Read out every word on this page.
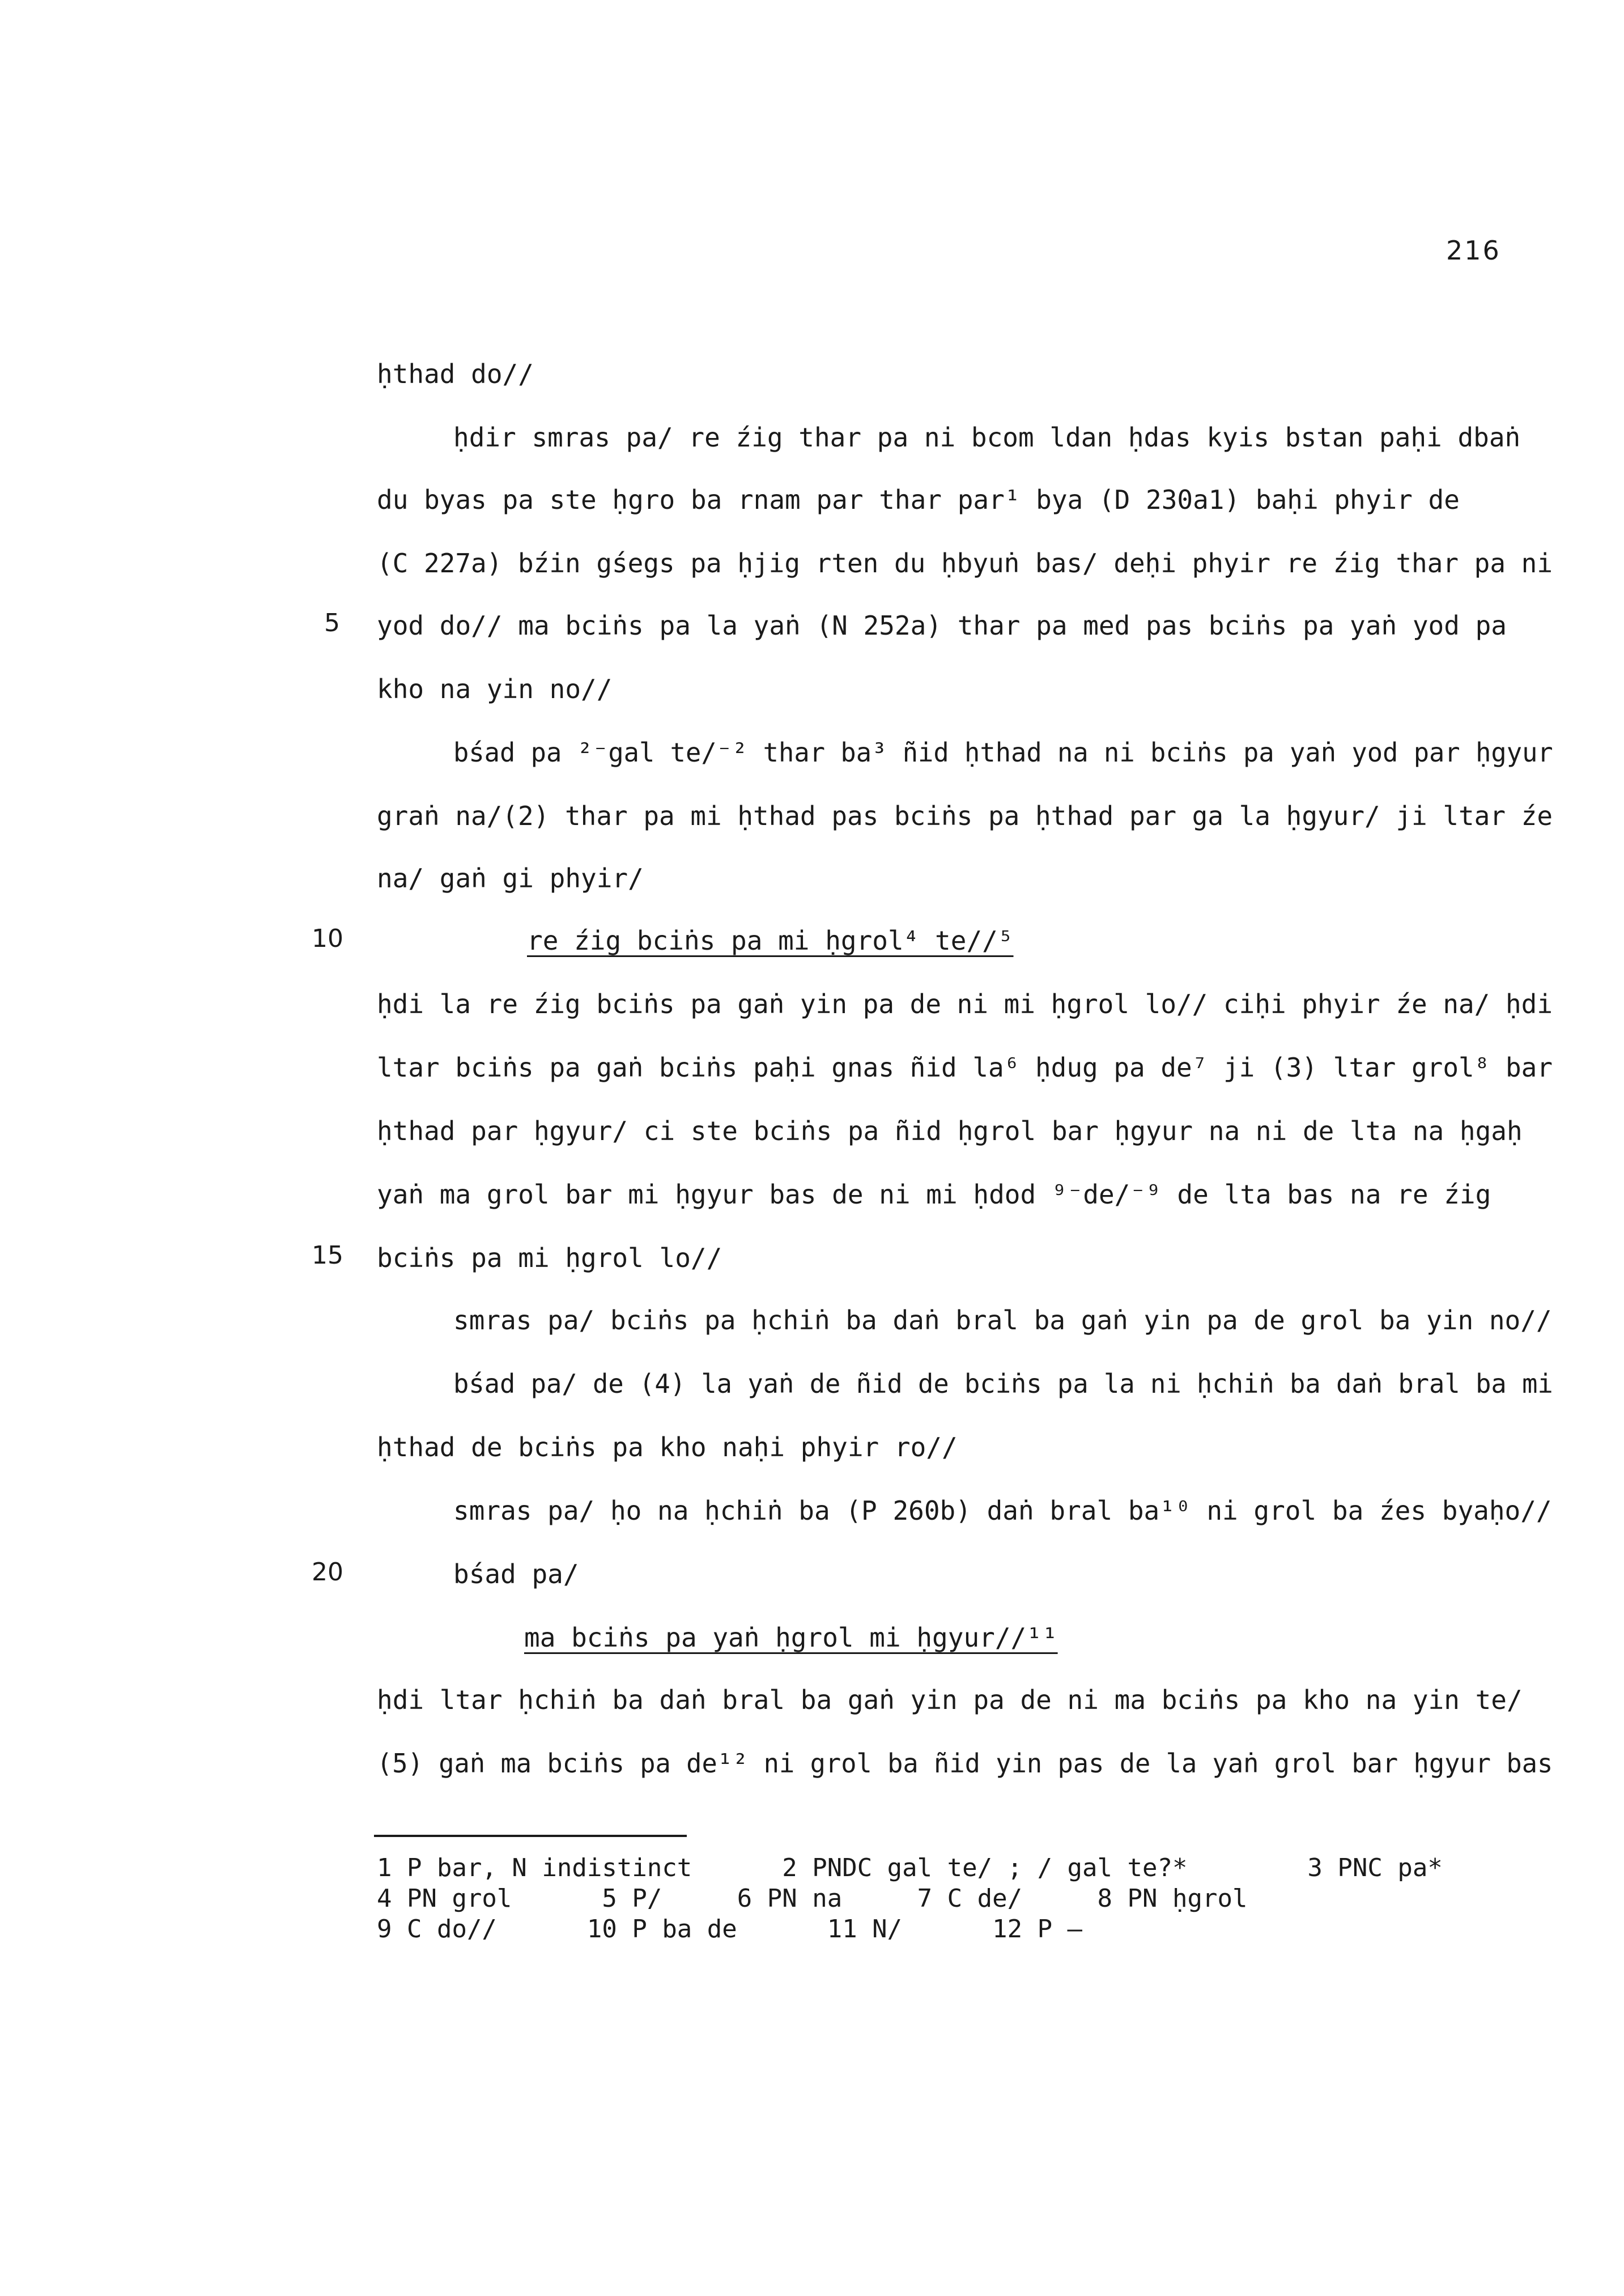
216
5
10
15
20
ḥthad do//
ḥdir smras pa/ re źig thar pa ni bcom ldan ḥdas kyis bstan paḥi dbaṅ
du byas pa ste ḥgro ba rnam par thar par¹ bya (D 230a1) baḥi phyir de
(C 227a) bźin gśegs pa ḥjig rten du ḥbyuṅ bas/ deḥi phyir re źig thar pa ni
yod do// ma bciṅs pa la yaṅ (N 252a) thar pa med pas bciṅs pa yaṅ yod pa
kho na yin no//
bśad pa ²⁻gal te/⁻² thar ba³ ñid ḥthad na ni bciṅs pa yaṅ yod par ḥgyur
graṅ na/(2) thar pa mi ḥthad pas bciṅs pa ḥthad par ga la ḥgyur/ ji ltar źe
na/ gaṅ gi phyir/
re źig bciṅs pa mi ḥgrol⁴ te//⁵
ḥdi la re źig bciṅs pa gaṅ yin pa de ni mi ḥgrol lo// ciḥi phyir źe na/ ḥdi
ltar bciṅs pa gaṅ bciṅs paḥi gnas ñid la⁶ ḥdug pa de⁷ ji (3) ltar grol⁸ bar
ḥthad par ḥgyur/ ci ste bciṅs pa ñid ḥgrol bar ḥgyur na ni de lta na ḥgaḥ
yaṅ ma grol bar mi ḥgyur bas de ni mi ḥdod ⁹⁻de/⁻⁹ de lta bas na re źig
bciṅs pa mi ḥgrol lo//
smras pa/ bciṅs pa ḥchiṅ ba daṅ bral ba gaṅ yin pa de grol ba yin no//
bśad pa/ de (4) la yaṅ de ñid de bciṅs pa la ni ḥchiṅ ba daṅ bral ba mi
ḥthad de bciṅs pa kho naḥi phyir ro//
smras pa/ ḥo na ḥchiṅ ba (P 260b) daṅ bral ba¹⁰ ni grol ba źes byaḥo//
bśad pa/
ma bciṅs pa yaṅ ḥgrol mi ḥgyur//¹¹
ḥdi ltar ḥchiṅ ba daṅ bral ba gaṅ yin pa de ni ma bciṅs pa kho na yin te/
(5) gaṅ ma bciṅs pa de¹² ni grol ba ñid yin pas de la yaṅ grol bar ḥgyur bas
1 P bar, N indistinct      2 PNDC gal te/ ; / gal te?*        3 PNC pa*
4 PN grol      5 P/     6 PN na     7 C de/     8 PN ḥgrol
9 C do//      10 P ba de      11 N/      12 P —
